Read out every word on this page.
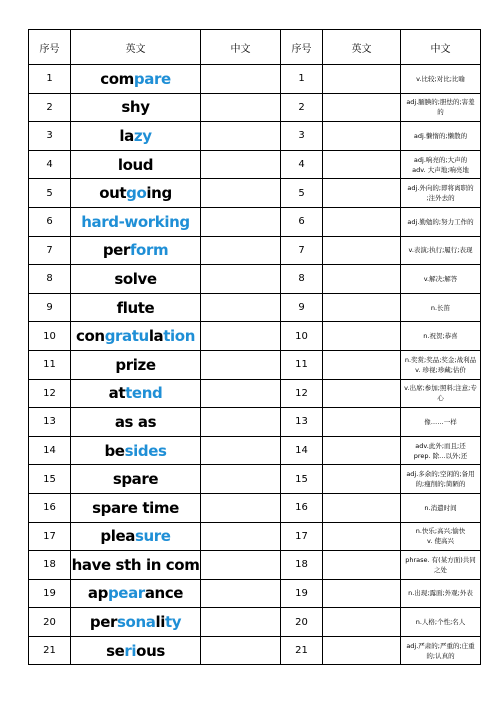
序号	英文	中文	序号	英文	中文
1	compare		1		v.比较;对比;比喻

2	shy		2		adj.腼腆的;胆怯的;害羞
的

3	lazy		3		adj.懒惰的;懒散的

4	loud		4		adj.响亮的;大声的
adv. 大声地;响亮地

5	outgoing		5		adj.外向的;即将离职的
;注外去的

6	hard-working		6		adj.勤勉的;努力工作的

7	perform		7		v.表演;执行;履行;表现

8	solve		8		v.解决;解答

9	flute		9		n.长笛

10	congratulation		10		n.祝贺;恭喜

11	prize		11		n.奖赏;奖品;奖金;战利品
v. 珍视;珍藏;估价

12	attend		12		v.出席;参加;照料;注意;专
心

13	as as		13		像……一样

14	besides		14		adv.此外;而且;还
prep. 除…以外;还

15	spare		15		adj.多余的;空闲的;备用
的;瘦削的;简陋的

16	spare time		16		n.消遣时间

17	pleasure		17		n.快乐;高兴;愉快
v. 使高兴

18	have sth in com		18		phrase. 有(某方面)共同
之处

19	appearance		19		n.出现;露面;外观;外表

20	personality		20		n.人格;个性;名人

21	serious		21		adj.严肃的;严重的;庄重
的;认真的
